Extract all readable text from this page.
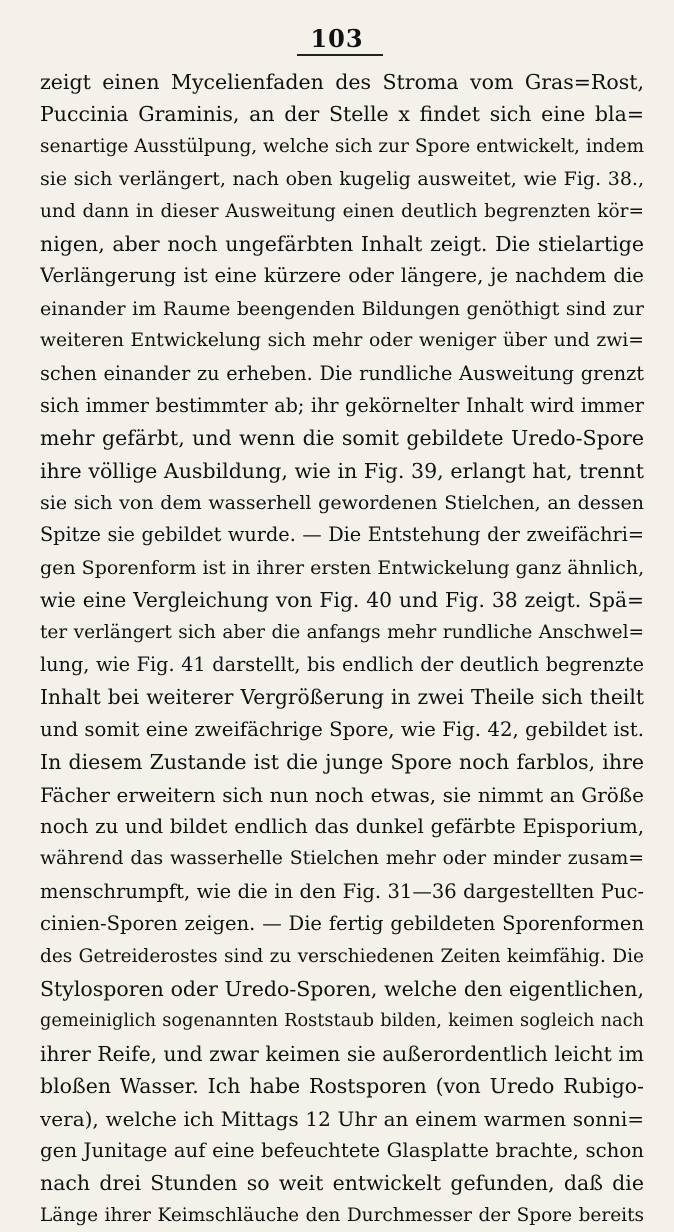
103
zeigt einen Mycelienfaden des Stroma vom Gras=Rost,
Puccinia Graminis, an der Stelle x findet sich eine bla=
senartige Ausstülpung, welche sich zur Spore entwickelt, indem
sie sich verlängert, nach oben kugelig ausweitet, wie Fig. 38.,
und dann in dieser Ausweitung einen deutlich begrenzten kör=
nigen, aber noch ungefärbten Inhalt zeigt. Die stielartige
Verlängerung ist eine kürzere oder längere, je nachdem die
einander im Raume beengenden Bildungen genöthigt sind zur
weiteren Entwickelung sich mehr oder weniger über und zwi=
schen einander zu erheben. Die rundliche Ausweitung grenzt
sich immer bestimmter ab; ihr gekörnelter Inhalt wird immer
mehr gefärbt, und wenn die somit gebildete Uredo-Spore
ihre völlige Ausbildung, wie in Fig. 39, erlangt hat, trennt
sie sich von dem wasserhell gewordenen Stielchen, an dessen
Spitze sie gebildet wurde. — Die Entstehung der zweifächri=
gen Sporenform ist in ihrer ersten Entwickelung ganz ähnlich,
wie eine Vergleichung von Fig. 40 und Fig. 38 zeigt. Spä=
ter verlängert sich aber die anfangs mehr rundliche Anschwel=
lung, wie Fig. 41 darstellt, bis endlich der deutlich begrenzte
Inhalt bei weiterer Vergrößerung in zwei Theile sich theilt
und somit eine zweifächrige Spore, wie Fig. 42, gebildet ist.
In diesem Zustande ist die junge Spore noch farblos, ihre
Fächer erweitern sich nun noch etwas, sie nimmt an Größe
noch zu und bildet endlich das dunkel gefärbte Episporium,
während das wasserhelle Stielchen mehr oder minder zusam=
menschrumpft, wie die in den Fig. 31—36 dargestellten Puc-
cinien-Sporen zeigen. — Die fertig gebildeten Sporenformen
des Getreiderostes sind zu verschiedenen Zeiten keimfähig. Die
Stylosporen oder Uredo-Sporen, welche den eigentlichen,
gemeiniglich sogenannten Roststaub bilden, keimen sogleich nach
ihrer Reife, und zwar keimen sie außerordentlich leicht im
bloßen Wasser. Ich habe Rostsporen (von Uredo Rubigo-
vera), welche ich Mittags 12 Uhr an einem warmen sonni=
gen Junitage auf eine befeuchtete Glasplatte brachte, schon
nach drei Stunden so weit entwickelt gefunden, daß die
Länge ihrer Keimschläuche den Durchmesser der Spore bereits
